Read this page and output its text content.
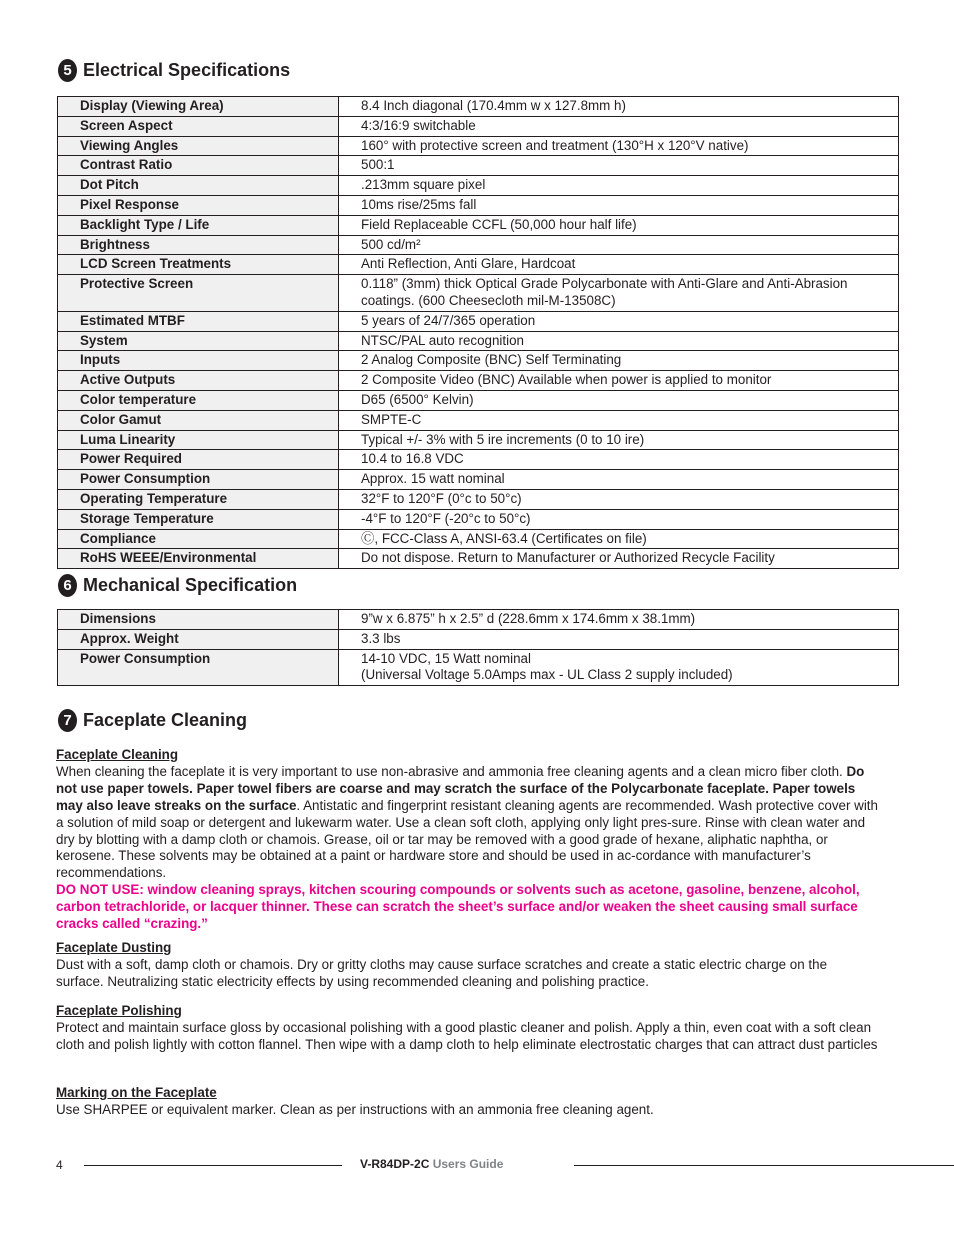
5 Electrical Specifications
Display (Viewing Area)	8.4 Inch diagonal (170.4mm w x 127.8mm h)
Screen Aspect	4:3/16:9 switchable
Viewing Angles	160° with protective screen and treatment (130°H x 120°V native)
Contrast Ratio	500:1
Dot Pitch	.213mm square pixel
Pixel Response	10ms rise/25ms fall
Backlight Type / Life	Field Replaceable CCFL (50,000 hour half life)
Brightness	500 cd/m²
LCD Screen Treatments	Anti Reflection, Anti Glare, Hardcoat
Protective Screen	0.118” (3mm) thick Optical Grade Polycarbonate with Anti-Glare and Anti-Abrasion coatings. (600 Cheesecloth mil-M-13508C)
Estimated MTBF	5 years of 24/7/365 operation
System	NTSC/PAL auto recognition
Inputs	2 Analog Composite (BNC) Self Terminating
Active Outputs	2 Composite Video (BNC) Available when power is applied to monitor
Color temperature	D65 (6500° Kelvin)
Color Gamut	SMPTE-C
Luma Linearity	Typical +/- 3% with 5 ire increments (0 to 10 ire)
Power Required	10.4 to 16.8 VDC
Power Consumption	Approx. 15 watt nominal
Operating Temperature	32°F to 120°F (0°c to 50°c)
Storage Temperature	-4°F to 120°F (-20°c to 50°c)
Compliance	Ⓒ, FCC-Class A, ANSI-63.4 (Certificates on file)
RoHS WEEE/Environmental	Do not dispose. Return to Manufacturer or Authorized Recycle Facility
6 Mechanical Specification
Dimensions	9”w x 6.875” h x 2.5” d (228.6mm x 174.6mm x 38.1mm)
Approx. Weight	3.3 lbs
Power Consumption	14-10 VDC, 15 Watt nominal
(Universal Voltage 5.0Amps max - UL Class 2 supply included)
7 Faceplate Cleaning

Faceplate Cleaning

When cleaning the faceplate it is very important to use non-abrasive and ammonia free cleaning agents and a clean micro fiber cloth. Do not use paper towels. Paper towel fibers are coarse and may scratch the surface of the Polycarbonate faceplate. Paper towels may also leave streaks on the surface. Antistatic and fingerprint resistant cleaning agents are recommended. Wash protective cover with a solution of mild soap or detergent and lukewarm water. Use a clean soft cloth, applying only light pres-sure. Rinse with clean water and dry by blotting with a damp cloth or chamois. Grease, oil or tar may be removed with a good grade of hexane, aliphatic naphtha, or kerosene. These solvents may be obtained at a paint or hardware store and should be used in ac-cordance with manufacturer’s recommendations.

DO NOT USE: window cleaning sprays, kitchen scouring compounds or solvents such as acetone, gasoline, benzene, alcohol, carbon tetrachloride, or lacquer thinner. These can scratch the sheet’s surface and/or weaken the sheet causing small surface cracks called “crazing.”

Faceplate Dusting

Dust with a soft, damp cloth or chamois. Dry or gritty cloths may cause surface scratches and create a static electric charge on the surface. Neutralizing static electricity effects by using recommended cleaning and polishing practice.

Faceplate Polishing

Protect and maintain surface gloss by occasional polishing with a good plastic cleaner and polish. Apply a thin, even coat with a soft clean cloth and polish lightly with cotton flannel. Then wipe with a damp cloth to help eliminate electrostatic charges that can attract dust particles

Marking on the Faceplate

Use SHARPEE or equivalent marker. Clean as per instructions with an ammonia free cleaning agent.

4	V-R84DP-2C Users Guide
